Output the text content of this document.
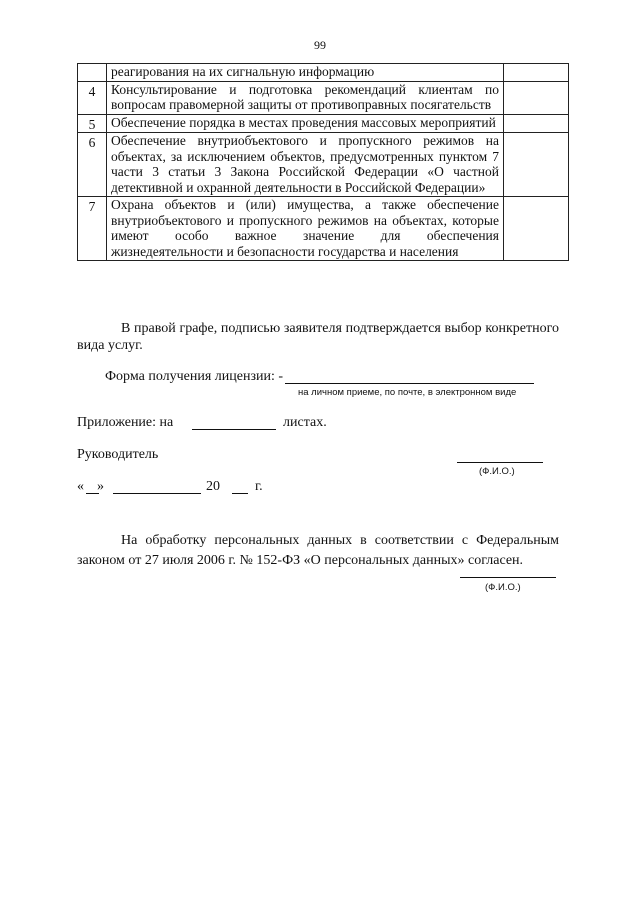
99
	реагирования на их сигнальную информацию	
4	Консультирование и подготовка рекомендаций клиентам по вопросам правомерной защиты от противоправных посягательств	
5	Обеспечение порядка в местах проведения массовых мероприятий	
6	Обеспечение внутриобъектового и пропускного режимов на объектах, за исключением объектов, предусмотренных пунктом 7 части 3 статьи 3 Закона Российской Федерации «О частной детективной и охранной деятельности в Российской Федерации»	
7	Охрана объектов и (или) имущества, а также обеспечение внутриобъектового и пропускного режимов на объектах, которые имеют особо важное значение для обеспечения жизнедеятельности и безопасности государства и населения	
В правой графе, подписью заявителя подтверждается выбор конкретного вида услуг.
Форма получения лицензии: -
на личном приеме, по почте, в электронном виде
Приложение: на	листах.
Руководитель
(Ф.И.О.)
« »	20	г.
На обработку персональных данных в соответствии с Федеральным законом от 27 июля 2006 г. № 152-ФЗ «О персональных данных» согласен.
(Ф.И.О.)
